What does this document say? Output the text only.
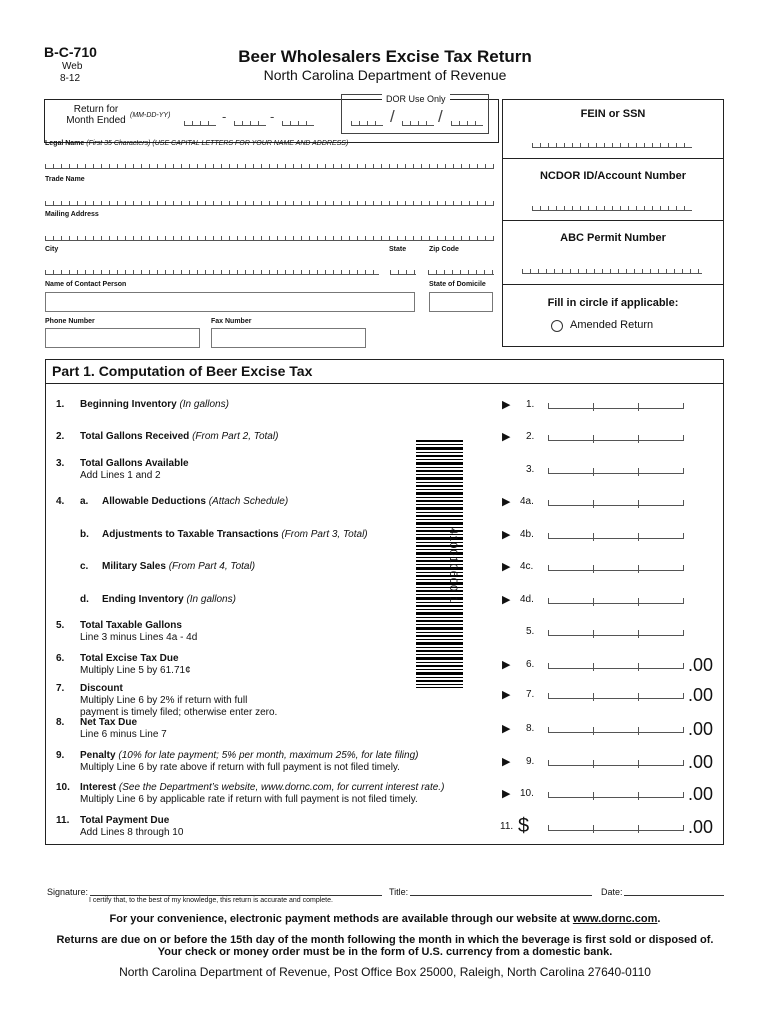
B-C-710
Web
8-12
Beer Wholesalers Excise Tax Return
North Carolina Department of Revenue
Return for
Month Ended (MM-DD-YY)	-	-
DOR Use Only
/	/
Legal Name (First 35 Characters) (USE CAPITAL LETTERS FOR YOUR NAME AND ADDRESS)
Trade Name
Mailing Address
City	State	Zip Code
Name of Contact Person	State of Domicile
Phone Number	Fax Number
FEIN or SSN
NCDOR ID/Account Number
ABC Permit Number
Fill in circle if applicable:
Amended Return
Part 1. Computation of Beer Excise Tax
410010600 1
1. Beginning Inventory (In gallons)	▶ 1.
2. Total Gallons Received (From Part 2, Total)	▶ 2.
3. Total Gallons Available
Add Lines 1 and 2
3.
4. a. Allowable Deductions (Attach Schedule)	▶ 4a.
b. Adjustments to Taxable Transactions (From Part 3, Total)	▶ 4b.
c. Military Sales (From Part 4, Total)	▶ 4c.
d. Ending Inventory (In gallons)	▶ 4d.
5. Total Taxable Gallons
Line 3 minus Lines 4a - 4d
5.
6. Total Excise Tax Due
Multiply Line 5 by 61.71¢	▶ 6.	.00
7. Discount
Multiply Line 6 by 2% if return with full
payment is timely filed; otherwise enter zero.
▶ 7.	.00
8. Net Tax Due
Line 6 minus Line 7	▶ 8.	.00
9. Penalty (10% for late payment; 5% per month, maximum 25%, for late filing)
Multiply Line 6 by rate above if return with full payment is not filed timely.	▶ 9.	.00
10. Interest (See the Department’s website, www.dornc.com, for current interest rate.)
Multiply Line 6 by applicable rate if return with full payment is not filed timely.	▶ 10.	.00
11. Total Payment Due
Add Lines 8 through 10
11. $	.00
Signature:
I certify that, to the best of my knowledge, this return is accurate and complete.
Title:	Date:
For your convenience, electronic payment methods are available through our website at www.dornc.com.
Returns are due on or before the 15th day of the month following the month in which the beverage is first sold or disposed of.
Your check or money order must be in the form of U.S. currency from a domestic bank.
North Carolina Department of Revenue, Post Office Box 25000, Raleigh, North Carolina 27640-0110
